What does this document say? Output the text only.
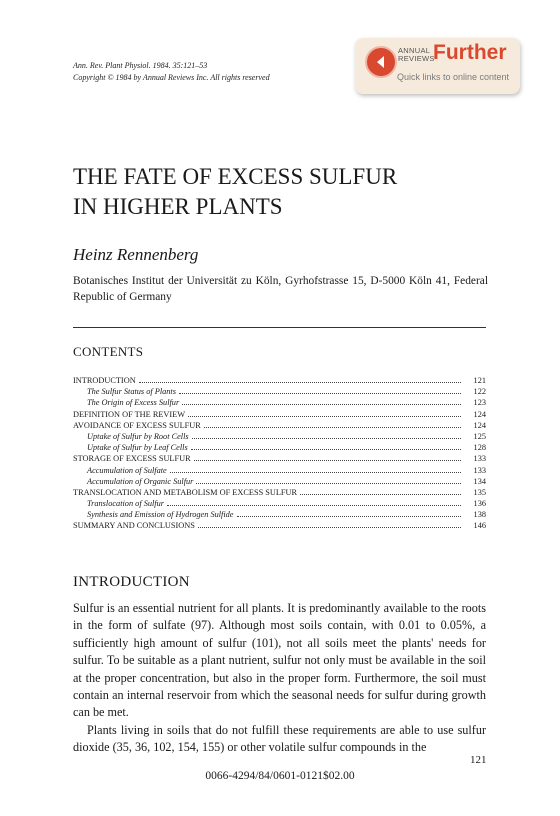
Ann. Rev. Plant Physiol. 1984. 35:121–53
Copyright © 1984 by Annual Reviews Inc. All rights reserved
ANNUAL
REVIEWS
Further
Quick links to online content
THE FATE OF EXCESS SULFUR
IN HIGHER PLANTS
Heinz Rennenberg
Botanisches Institut der Universität zu Köln, Gyrhofstrasse 15, D-5000 Köln 41, Federal Republic of Germany
CONTENTS
INTRODUCTION	121
The Sulfur Status of Plants	122
The Origin of Excess Sulfur	123
DEFINITION OF THE REVIEW	124
AVOIDANCE OF EXCESS SULFUR	124
Uptake of Sulfur by Root Cells	125
Uptake of Sulfur by Leaf Cells	128
STORAGE OF EXCESS SULFUR	133
Accumulation of Sulfate	133
Accumulation of Organic Sulfur	134
TRANSLOCATION AND METABOLISM OF EXCESS SULFUR	135
Translocation of Sulfur	136
Synthesis and Emission of Hydrogen Sulfide	138
SUMMARY AND CONCLUSIONS	146
INTRODUCTION

Sulfur is an essential nutrient for all plants. It is predominantly available to the roots in the form of sulfate (97). Although most soils contain, with 0.01 to 0.05%, a sufficiently high amount of sulfur (101), not all soils meet the plants' needs for sulfur. To be suitable as a plant nutrient, sulfur not only must be available in the soil at the proper concentration, but also in the proper form. Furthermore, the soil must contain an internal reservoir from which the seasonal needs for sulfur during growth can be met.

Plants living in soils that do not fulfill these requirements are able to use sulfur dioxide (35, 36, 102, 154, 155) or other volatile sulfur compounds in the

121
0066-4294/84/0601-0121$02.00
